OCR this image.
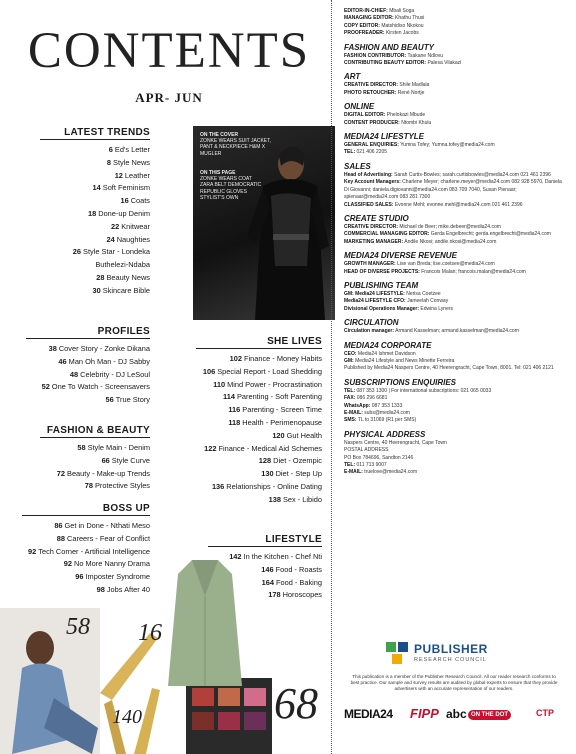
CONTENTS
APR- JUN
LATEST TRENDS
6 Ed's Letter
8 Style News
12 Leather
14 Soft Feminism
16 Coats
18 Done-up Denim
22 Knitwear
24 Naughties
26 Style Star - Londeka
Buthelezi-Ndaba
28 Beauty News
30 Skincare Bible
PROFILES
38 Cover Story - Zonke Dikana
46 Man Oh Man - DJ Sabby
48 Celebrity - DJ LeSoul
52 One To Watch - Screensavers
56 True Story
FASHION & BEAUTY
58 Style Main - Denim
66 Style Curve
72 Beauty - Make-up Trends
78 Protective Styles
BOSS UP
86 Get in Done - Nthati Meso
88 Careers - Fear of Conflict
92 Tech Corner - Artificial Intelligence
92 No More Nanny Drama
96 Imposter Syndrome
98 Jobs After 40
SHE LIVES
102 Finance - Money Habits
106 Special Report - Load Shedding
110 Mind Power - Procrastination
114 Parenting - Soft Parenting
116 Parenting - Screen Time
118 Health - Perimenopause
120 Gut Health
122 Finance - Medical Aid Schemes
128 Diet - Ozempic
130 Diet - Step Up
136 Relationships - Online Dating
138 Sex - Libido
LIFESTYLE
142 In the Kitchen - Chef Nti
146 Food - Roasts
164 Food - Baking
178 Horoscopes
ON THE COVER
ZONKE WEARS SUIT JACKET, PANT & NECKPIECE H&M X MUGLER
ON THIS PAGE
ZONKE WEARS COAT ZARA BELT DEMOCRATIC REPUBLIC GLOVES STYLIST'S OWN
58 16
140	68
EDITOR-IN-CHIEF: Mbali Soga
MANAGING EDITOR: Khathu Thusi
COPY EDITOR: Matshidiso Nkokou
PROOFREADER: Kirsten Jacobs
FASHION AND BEAUTY
FASHION CONTRIBUTOR: Tsakane Ndlovu
CONTRIBUTING BEAUTY EDITOR: Palesa Vilakazi
ART
CREATIVE DIRECTOR: Shile Madlala
PHOTO RETOUCHER: René Nortje
ONLINE
DIGITAL EDITOR: Phelokazi Mbude
CONTENT PRODUCER: Ntombi Khulu
MEDIA24 LIFESTYLE
GENERAL ENQUIRIES: Yumna Tofey; Yumna.tofey@media24.com
TEL: 021 406 2205
SALES
Head of Advertising: Sarah Curtis-Bowles; sarah.curtisbowles@media24.com 021 461 2396
Key Account Managers: Charlene Meyer; charlene.meyer@media24.com 082 928 5970, Daniela Di Giovanni; daniela.digiovanni@media24.com 083 709 7040, Susan Pienaar; spienaar@media24.com 083 281 7300
CLASSIFIED SALES: Evonne Mehl; evonne.mehl@media24.com 021 461 2396
CREATE STUDIO
CREATIVE DIRECTOR: Michael de Beer; mike.debeer@media24.com
COMMERCIAL MANAGING EDITOR: Gerda Engelbrecht; gerda.engelbrecht@media24.com
MARKETING MANAGER: Andile Nkosi; andile.nkosi@media24.com
MEDIA24 DIVERSE REVENUE
GROWTH MANAGER: Lise van Breda; lise.coetsee@media24.com
HEAD OF DIVERSE PROJECTS: Francois Malan; francois.malan@media24.com
PUBLISHING TEAM
GM: Media24 LIFESTYLE: Nerisa Coetzee
Media24 LIFESTYLE CFO: Jameelah Conway
Divisional Operations Manager: Edwina Lyners
CIRCULATION
Circulation manager: Armand Kasselman; armand.kasselman@media24.com
MEDIA24 CORPORATE
CEO: Media24 Ishmet Davidson
GM: Media24 Lifestyle and News Minette Ferreira
Published by Media24 Naspers Centre, 40 Heerengracht, Cape Town, 8001. Tel: 021 406 2121
SUBSCRIPTIONS ENQUIRIES
TEL: 087 353 1300 | For international subscriptions: 021 065 0033
FAX: 086 296 6681
WhatsApp: 087 353 1333
E-MAIL: subs@media24.com
SMS: TL to 31069 (R1 per SMS)
PHYSICAL ADDRESS
Naspers Centre, 40 Heerengracht, Cape Town
POSTAL ADDRESS
PO Box 784696, Sandton 2146
TEL: 011 713 9007
E-MAIL: truelove@media24.com
PUBLISHER
RESEARCH COUNCIL
This publication is a member of the Publisher Research Council. All our reader research conforms to best practice. Our sample and survey results are audited by global experts to ensure that they provide advertisers with an accurate representation of our readers.
MEDIA24 FIPP abc ON THE DOT	CTP
